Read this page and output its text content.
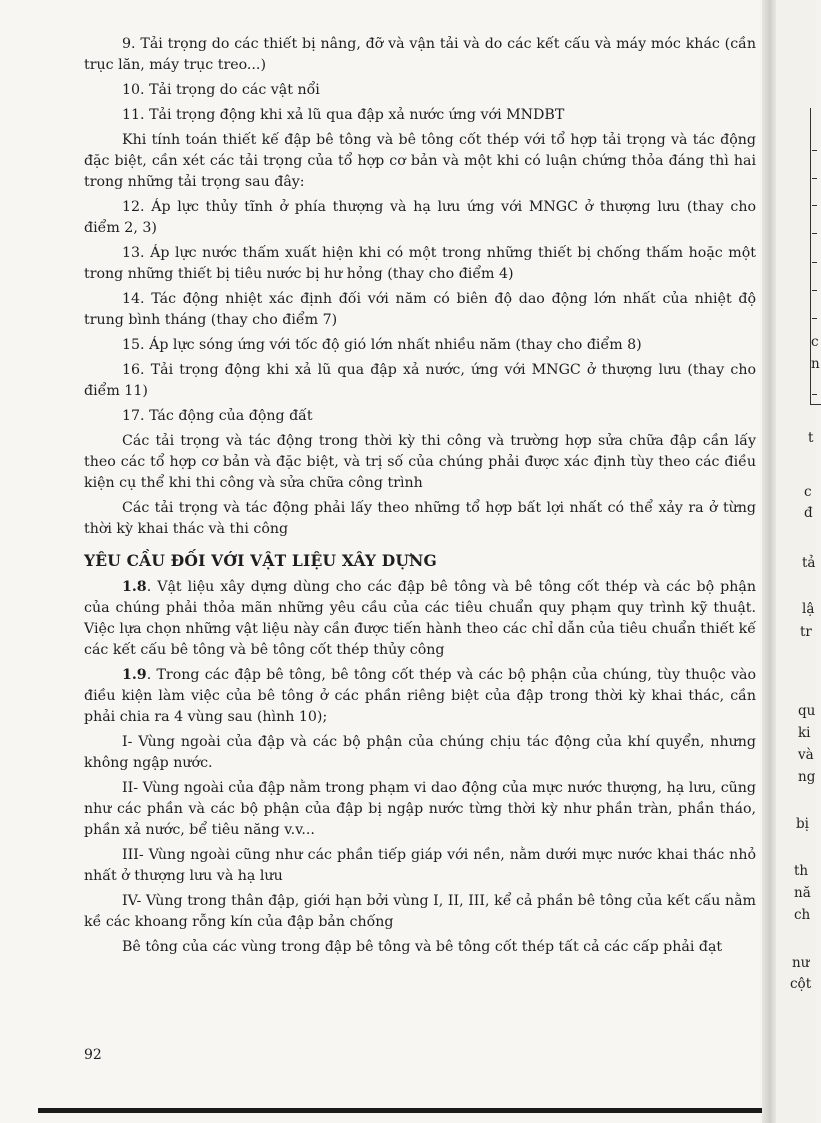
9. Tải trọng do các thiết bị nâng, đỡ và vận tải và do các kết cấu và máy móc khác (cần trục lăn, máy trục treo...)

10. Tải trọng do các vật nổi

11. Tải trọng động khi xả lũ qua đập xả nước ứng với MNDBT

Khi tính toán thiết kế đập bê tông và bê tông cốt thép với tổ hợp tải trọng và tác động đặc biệt, cần xét các tải trọng của tổ hợp cơ bản và một khi có luận chứng thỏa đáng thì hai trong những tải trọng sau đây:

12. Áp lực thủy tĩnh ở phía thượng và hạ lưu ứng với MNGC ở thượng lưu (thay cho điểm 2, 3)

13. Áp lực nước thấm xuất hiện khi có một trong những thiết bị chống thấm hoặc một trong những thiết bị tiêu nước bị hư hỏng (thay cho điểm 4)

14. Tác động nhiệt xác định đối với năm có biên độ dao động lớn nhất của nhiệt độ trung bình tháng (thay cho điểm 7)

15. Áp lực sóng ứng với tốc độ gió lớn nhất nhiều năm (thay cho điểm 8)

16. Tải trọng động khi xả lũ qua đập xả nước, ứng với MNGC ở thượng lưu (thay cho điểm 11)

17. Tác động của động đất

Các tải trọng và tác động trong thời kỳ thi công và trường hợp sửa chữa đập cần lấy theo các tổ hợp cơ bản và đặc biệt, và trị số của chúng phải được xác định tùy theo các điều kiện cụ thể khi thi công và sửa chữa công trình

Các tải trọng và tác động phải lấy theo những tổ hợp bất lợi nhất có thể xảy ra ở từng thời kỳ khai thác và thi công

YÊU CẦU ĐỐI VỚI VẬT LIỆU XÂY DỰNG

1.8. Vật liệu xây dựng dùng cho các đập bê tông và bê tông cốt thép và các bộ phận của chúng phải thỏa mãn những yêu cầu của các tiêu chuẩn quy phạm quy trình kỹ thuật. Việc lựa chọn những vật liệu này cần được tiến hành theo các chỉ dẫn của tiêu chuẩn thiết kế các kết cấu bê tông và bê tông cốt thép thủy công

1.9. Trong các đập bê tông, bê tông cốt thép và các bộ phận của chúng, tùy thuộc vào điều kiện làm việc của bê tông ở các phần riêng biệt của đập trong thời kỳ khai thác, cần phải chia ra 4 vùng sau (hình 10);

I- Vùng ngoài của đập và các bộ phận của chúng chịu tác động của khí quyển, nhưng không ngập nước.

II- Vùng ngoài của đập nằm trong phạm vi dao động của mực nước thượng, hạ lưu, cũng như các phần và các bộ phận của đập bị ngập nước từng thời kỳ như phần tràn, phần tháo, phần xả nước, bể tiêu năng v.v...

III- Vùng ngoài cũng như các phần tiếp giáp với nền, nằm dưới mực nước khai thác nhỏ nhất ở thượng lưu và hạ lưu

IV- Vùng trong thân đập, giới hạn bởi vùng I, II, III, kể cả phần bê tông của kết cấu nằm kề các khoang rỗng kín của đập bản chống

Bê tông của các vùng trong đập bê tông và bê tông cốt thép tất cả các cấp phải đạt

92
c
n
t
c
đ
tả
lậ
tr
qu
ki
và
ng
bị
th
nă
ch
nư
cột
